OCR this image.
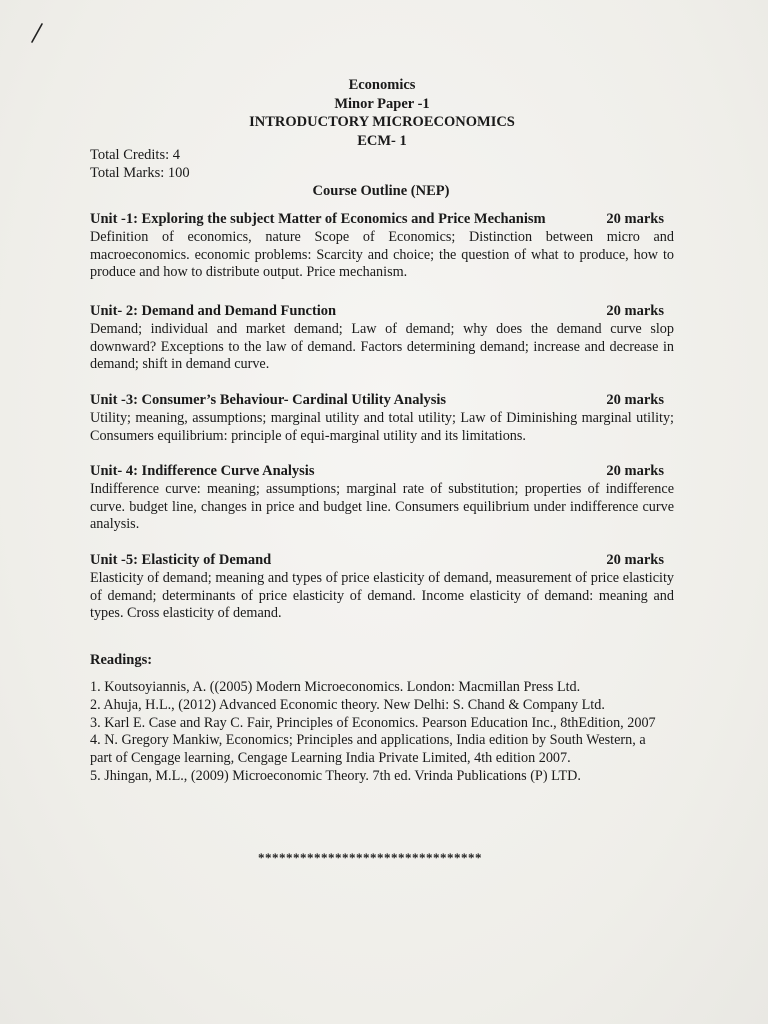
Economics
Minor Paper -1
INTRODUCTORY MICROECONOMICS
ECM- 1
Total Credits: 4
Total Marks: 100
Course Outline (NEP)
Unit -1: Exploring the subject Matter of Economics and Price Mechanism	20 marks
Definition of economics, nature Scope of Economics; Distinction between micro and macroeconomics. economic problems: Scarcity and choice; the question of what to produce, how to produce and how to distribute output. Price mechanism.
Unit- 2: Demand and Demand Function	20 marks
Demand; individual and market demand; Law of demand; why does the demand curve slop downward? Exceptions to the law of demand. Factors determining demand; increase and decrease in demand; shift in demand curve.
Unit -3: Consumer’s Behaviour- Cardinal Utility Analysis	20 marks
Utility; meaning, assumptions; marginal utility and total utility; Law of Diminishing marginal utility; Consumers equilibrium: principle of equi-marginal utility and its limitations.
Unit- 4: Indifference Curve Analysis	20 marks
Indifference curve: meaning; assumptions; marginal rate of substitution; properties of indifference curve. budget line, changes in price and budget line. Consumers equilibrium under indifference curve analysis.
Unit -5: Elasticity of Demand	20 marks
Elasticity of demand; meaning and types of price elasticity of demand, measurement of price elasticity of demand; determinants of price elasticity of demand. Income elasticity of demand: meaning and types. Cross elasticity of demand.
Readings:

1. Koutsoyiannis, A. ((2005) Modern Microeconomics. London: Macmillan Press Ltd.

2. Ahuja, H.L., (2012) Advanced Economic theory. New Delhi: S. Chand & Company Ltd.

3. Karl E. Case and Ray C. Fair, Principles of Economics. Pearson Education Inc., 8thEdition, 2007

4. N. Gregory Mankiw, Economics; Principles and applications, India edition by South Western, a part of Cengage learning, Cengage Learning India Private Limited, 4th edition 2007.

5. Jhingan, M.L., (2009) Microeconomic Theory. 7th ed. Vrinda Publications (P) LTD.

********************************
